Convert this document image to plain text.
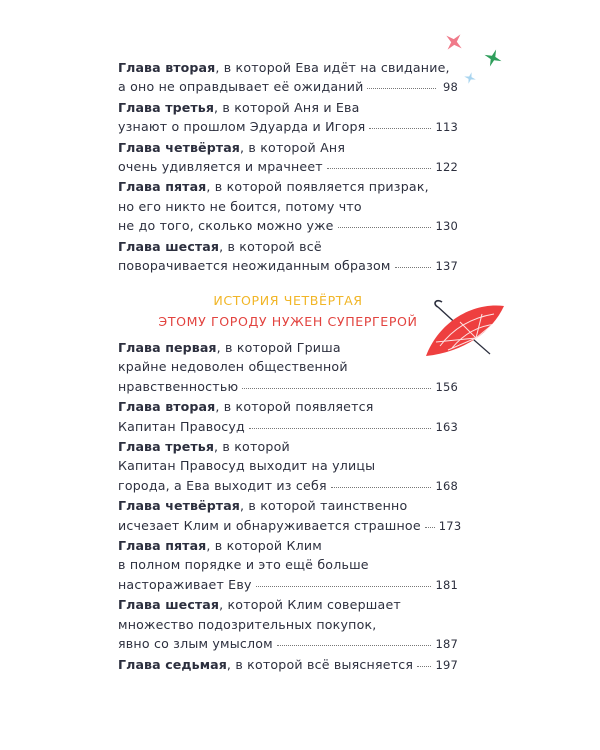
Глава вторая, в которой Ева идёт на свидание,
а оно не оправдывает её ожиданий	98
Глава третья, в которой Аня и Ева
узнают о прошлом Эдуарда и Игоря	113
Глава четвёртая, в которой Аня
очень удивляется и мрачнеет	122
Глава пятая, в которой появляется призрак,
но его никто не боится, потому что
не до того, сколько можно уже	130
Глава шестая, в которой всё
поворачивается неожиданным образом	137
ИСТОРИЯ ЧЕТВЁРТАЯ
ЭТОМУ ГОРОДУ НУЖЕН СУПЕРГЕРОЙ
Глава первая, в которой Гриша
крайне недоволен общественной
нравственностью	156
Глава вторая, в которой появляется
Капитан Правосуд	163
Глава третья, в которой
Капитан Правосуд выходит на улицы
города, а Ева выходит из себя	168
Глава четвёртая, в которой таинственно
исчезает Клим и обнаруживается страшное 173
Глава пятая, в которой Клим
в полном порядке и это ещё больше
настораживает Еву	181
Глава шестая, которой Клим совершает
множество подозрительных покупок,
явно со злым умыслом	187
Глава седьмая, в которой всё выясняется 197
